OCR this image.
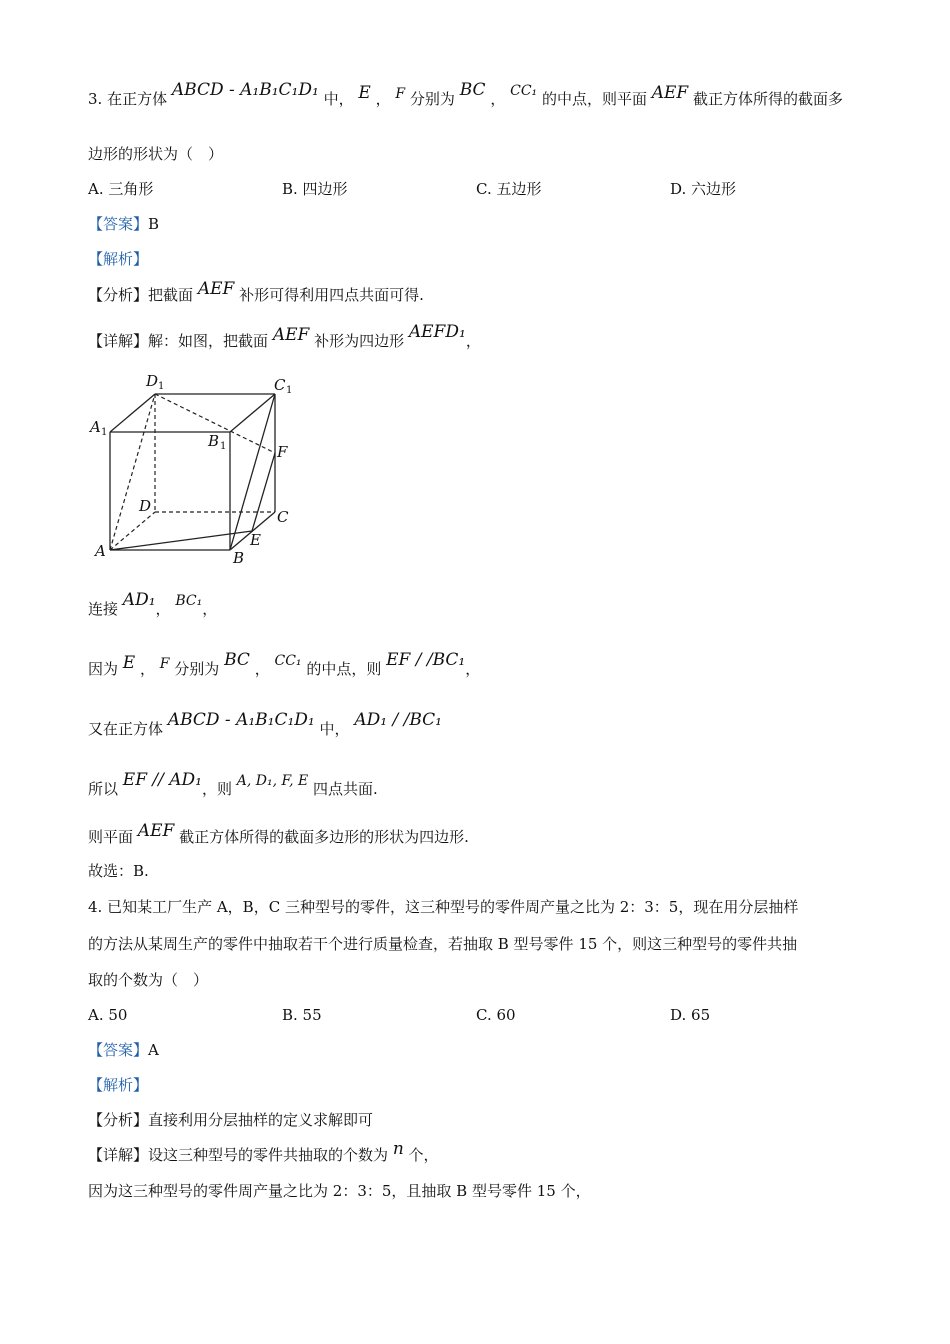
3. 在正方体 ABCD - A₁B₁C₁D₁ 中， E ， F 分别为 BC ， CC₁ 的中点，则平面 AEF 截正方体所得的截面多
边形的形状为（　）
A. 三角形	B. 四边形	C. 五边形	D. 六边形
【答案】B
【解析】
【分析】把截面 AEF 补形可得利用四点共面可得.
【详解】解：如图，把截面 AEF 补形为四边形 AEFD₁，
D 1	C 1
A 1	B 1	F
D
C
E
A	B
连接 AD₁， BC₁，
因为 E ， F 分别为 BC ， CC₁ 的中点，则 EF / /BC₁，
又在正方体 ABCD - A₁B₁C₁D₁ 中， AD₁ / /BC₁
所以 EF // AD₁，则 A, D₁, F, E 四点共面.
则平面 AEF 截正方体所得的截面多边形的形状为四边形.
故选：B.
4. 已知某工厂生产 A，B，C 三种型号的零件，这三种型号的零件周产量之比为 2：3：5，现在用分层抽样
的方法从某周生产的零件中抽取若干个进行质量检查，若抽取 B 型号零件 15 个，则这三种型号的零件共抽
取的个数为（　）
A. 50	B. 55	C. 60	D. 65
【答案】A
【解析】
【分析】直接利用分层抽样的定义求解即可
【详解】设这三种型号的零件共抽取的个数为 n 个，
因为这三种型号的零件周产量之比为 2：3：5，且抽取 B 型号零件 15 个，
